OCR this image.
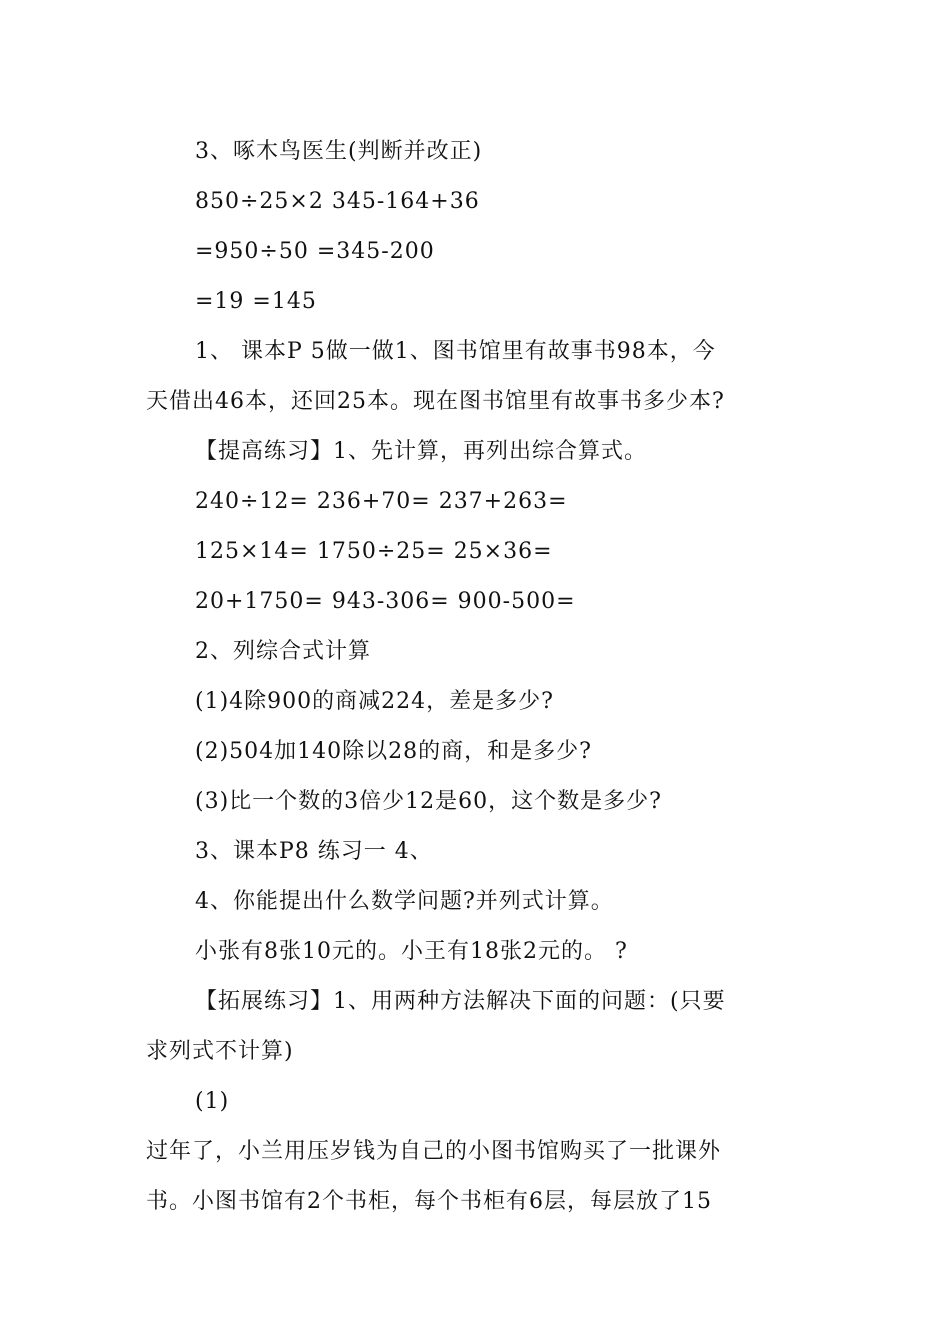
3、啄木鸟医生(判断并改正)
850÷25×2 345-164+36
=950÷50 =345-200
=19 =145
1、 课本P 5做一做1、图书馆里有故事书98本，今
天借出46本，还回25本。现在图书馆里有故事书多少本?
【提高练习】1、先计算，再列出综合算式。
240÷12= 236+70= 237+263=
125×14= 1750÷25= 25×36=
20+1750= 943-306= 900-500=
2、列综合式计算
(1)4除900的商减224，差是多少?
(2)504加140除以28的商，和是多少?
(3)比一个数的3倍少12是60，这个数是多少?
3、课本P8 练习一 4、
4、你能提出什么数学问题?并列式计算。
小张有8张10元的。小王有18张2元的。 ?
【拓展练习】1、用两种方法解决下面的问题：(只要
求列式不计算)
(1)
过年了，小兰用压岁钱为自己的小图书馆购买了一批课外
书。小图书馆有2个书柜，每个书柜有6层，每层放了15
